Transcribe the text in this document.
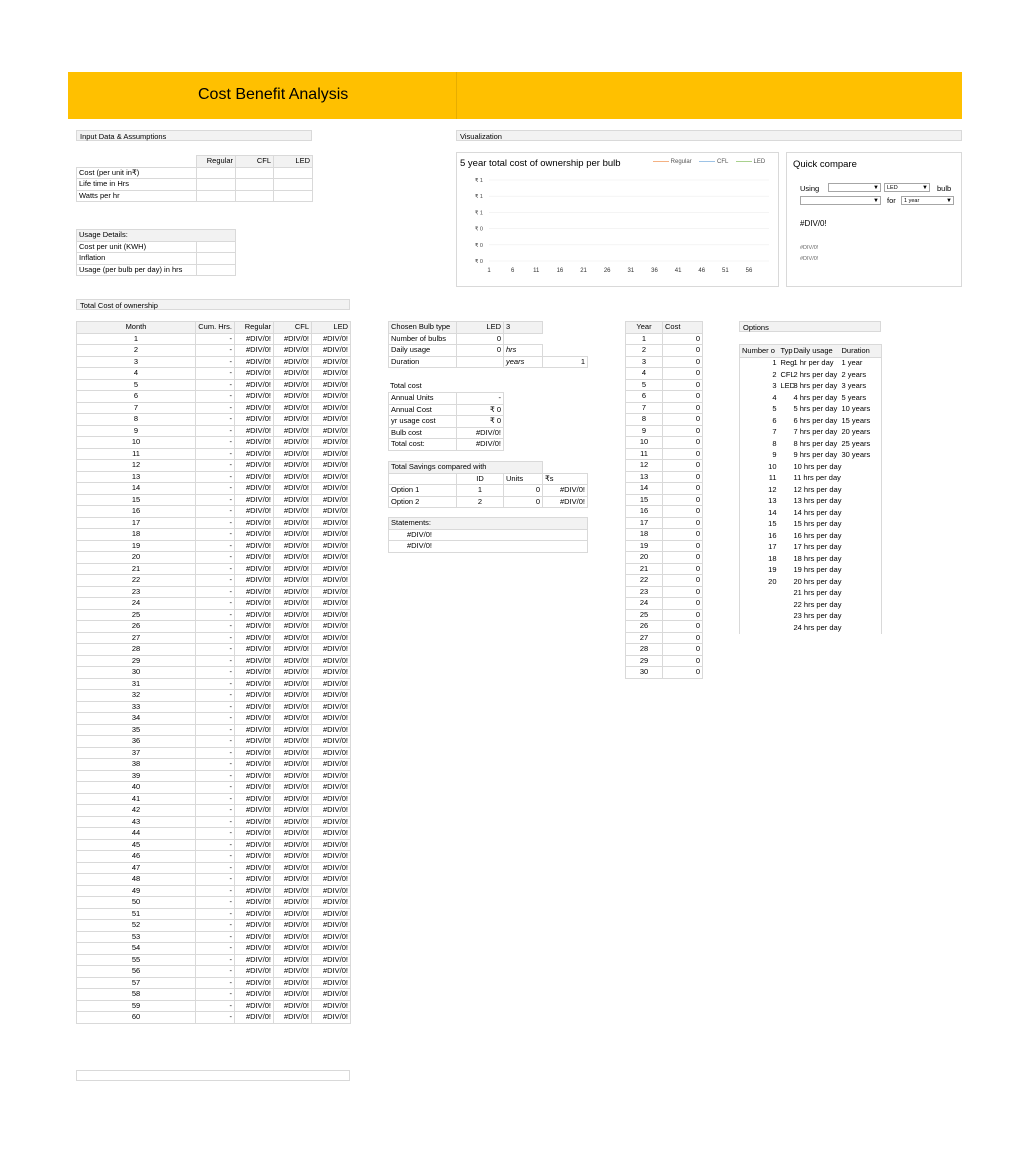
Cost Benefit Analysis
Input Data & Assumptions
	Regular	CFL	LED
Cost (per unit in₹)			
Life time in Hrs			
Watts per hr			
Usage Details:	
Cost per unit (KWH)	
Inflation	
Usage (per bulb per day) in hrs	
Visualization
5 year total cost of ownership per bulb	Regular	CFL	LED
₹ 1
₹ 1
₹ 1
₹ 0
₹ 0
₹ 0
1	6	11	16	21	26	31	36	41	46	51	56
Quick compare
Using	▼	LED	▼ bulb
▼ for	1 year	▼
#DIV/0!
#DIV/0!
#DIV/0!
Total Cost of ownership
Month	Cum. Hrs.	Regular	CFL	LED
1	-	#DIV/0!	#DIV/0!	#DIV/0!
2	-	#DIV/0!	#DIV/0!	#DIV/0!
3	-	#DIV/0!	#DIV/0!	#DIV/0!
4	-	#DIV/0!	#DIV/0!	#DIV/0!
5	-	#DIV/0!	#DIV/0!	#DIV/0!
6	-	#DIV/0!	#DIV/0!	#DIV/0!
7	-	#DIV/0!	#DIV/0!	#DIV/0!
8	-	#DIV/0!	#DIV/0!	#DIV/0!
9	-	#DIV/0!	#DIV/0!	#DIV/0!
10	-	#DIV/0!	#DIV/0!	#DIV/0!
11	-	#DIV/0!	#DIV/0!	#DIV/0!
12	-	#DIV/0!	#DIV/0!	#DIV/0!
13	-	#DIV/0!	#DIV/0!	#DIV/0!
14	-	#DIV/0!	#DIV/0!	#DIV/0!
15	-	#DIV/0!	#DIV/0!	#DIV/0!
16	-	#DIV/0!	#DIV/0!	#DIV/0!
17	-	#DIV/0!	#DIV/0!	#DIV/0!
18	-	#DIV/0!	#DIV/0!	#DIV/0!
19	-	#DIV/0!	#DIV/0!	#DIV/0!
20	-	#DIV/0!	#DIV/0!	#DIV/0!
21	-	#DIV/0!	#DIV/0!	#DIV/0!
22	-	#DIV/0!	#DIV/0!	#DIV/0!
23	-	#DIV/0!	#DIV/0!	#DIV/0!
24	-	#DIV/0!	#DIV/0!	#DIV/0!
25	-	#DIV/0!	#DIV/0!	#DIV/0!
26	-	#DIV/0!	#DIV/0!	#DIV/0!
27	-	#DIV/0!	#DIV/0!	#DIV/0!
28	-	#DIV/0!	#DIV/0!	#DIV/0!
29	-	#DIV/0!	#DIV/0!	#DIV/0!
30	-	#DIV/0!	#DIV/0!	#DIV/0!
31	-	#DIV/0!	#DIV/0!	#DIV/0!
32	-	#DIV/0!	#DIV/0!	#DIV/0!
33	-	#DIV/0!	#DIV/0!	#DIV/0!
34	-	#DIV/0!	#DIV/0!	#DIV/0!
35	-	#DIV/0!	#DIV/0!	#DIV/0!
36	-	#DIV/0!	#DIV/0!	#DIV/0!
37	-	#DIV/0!	#DIV/0!	#DIV/0!
38	-	#DIV/0!	#DIV/0!	#DIV/0!
39	-	#DIV/0!	#DIV/0!	#DIV/0!
40	-	#DIV/0!	#DIV/0!	#DIV/0!
41	-	#DIV/0!	#DIV/0!	#DIV/0!
42	-	#DIV/0!	#DIV/0!	#DIV/0!
43	-	#DIV/0!	#DIV/0!	#DIV/0!
44	-	#DIV/0!	#DIV/0!	#DIV/0!
45	-	#DIV/0!	#DIV/0!	#DIV/0!
46	-	#DIV/0!	#DIV/0!	#DIV/0!
47	-	#DIV/0!	#DIV/0!	#DIV/0!
48	-	#DIV/0!	#DIV/0!	#DIV/0!
49	-	#DIV/0!	#DIV/0!	#DIV/0!
50	-	#DIV/0!	#DIV/0!	#DIV/0!
51	-	#DIV/0!	#DIV/0!	#DIV/0!
52	-	#DIV/0!	#DIV/0!	#DIV/0!
53	-	#DIV/0!	#DIV/0!	#DIV/0!
54	-	#DIV/0!	#DIV/0!	#DIV/0!
55	-	#DIV/0!	#DIV/0!	#DIV/0!
56	-	#DIV/0!	#DIV/0!	#DIV/0!
57	-	#DIV/0!	#DIV/0!	#DIV/0!
58	-	#DIV/0!	#DIV/0!	#DIV/0!
59	-	#DIV/0!	#DIV/0!	#DIV/0!
60	-	#DIV/0!	#DIV/0!	#DIV/0!
Chosen Bulb type	LED	3	
Number of bulbs	0		
Daily usage	0	hrs	
Duration		years	1
Total cost
Annual Units	-
Annual Cost	₹ 0
yr usage cost	₹ 0
Bulb cost	#DIV/0!
Total cost:	#DIV/0!
Total Savings compared with			
	ID	Units	₹s
Option 1	1	0	#DIV/0!
Option 2	2	0	#DIV/0!
Statements:
#DIV/0!
#DIV/0!
Year	Cost
1	0
2	0
3	0
4	0
5	0
6	0
7	0
8	0
9	0
10	0
11	0
12	0
13	0
14	0
15	0
16	0
17	0
18	0
19	0
20	0
21	0
22	0
23	0
24	0
25	0
26	0
27	0
28	0
29	0
30	0
Options
Number o	Typ	Daily usage	Duration
1	Reg	1 hr per day	1 year
2	CFL	2 hrs per day	2 years
3	LED	3 hrs per day	3 years
4		4 hrs per day	5 years
5		5 hrs per day	10 years
6		6 hrs per day	15 years
7		7 hrs per day	20 years
8		8 hrs per day	25 years
9		9 hrs per day	30 years
10		10 hrs per day	
11		11 hrs per day	
12		12 hrs per day	
13		13 hrs per day	
14		14 hrs per day	
15		15 hrs per day	
16		16 hrs per day	
17		17 hrs per day	
18		18 hrs per day	
19		19 hrs per day	
20		20 hrs per day	
		21 hrs per day	
		22 hrs per day	
		23 hrs per day	
		24 hrs per day	
